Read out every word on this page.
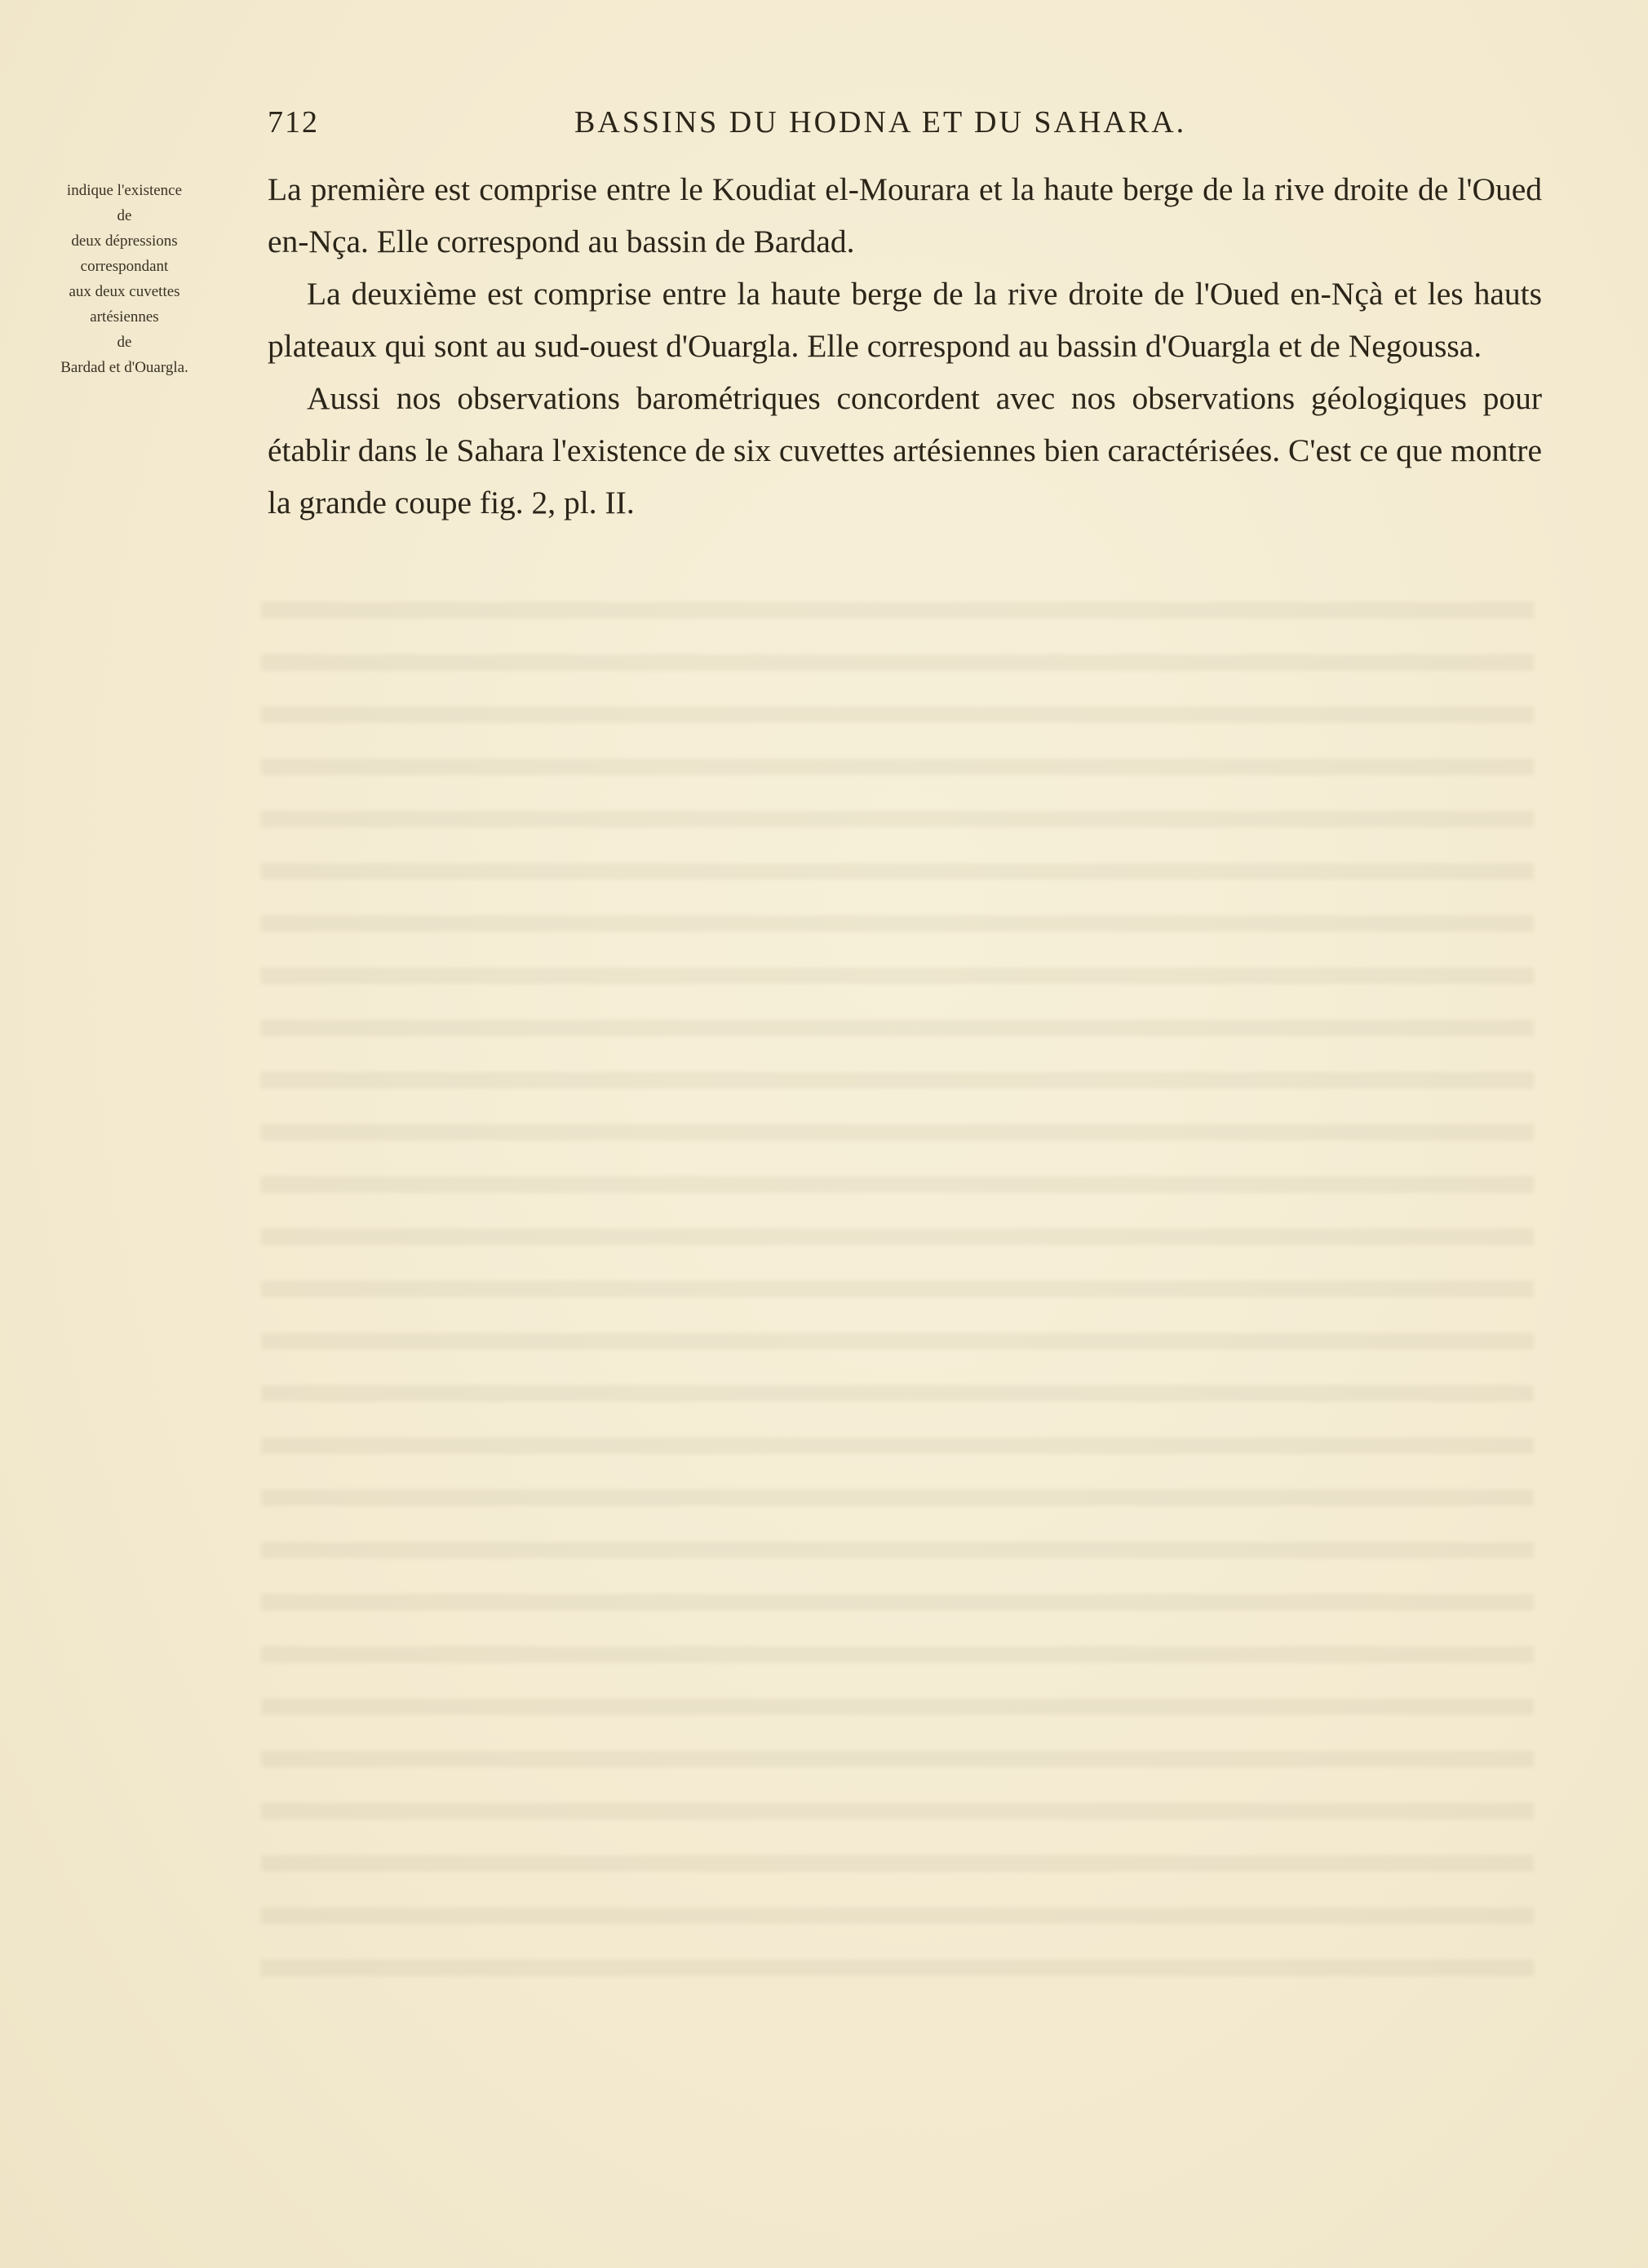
712	BASSINS DU HODNA ET DU SAHARA.
indique l'existence
de
deux dépressions
correspondant
aux deux cuvettes
artésiennes
de
Bardad et d'Ouargla.

La première est comprise entre le Koudiat el-Mourara et la haute berge de la rive droite de l'Oued en-Nça. Elle correspond au bassin de Bardad.

La deuxième est comprise entre la haute berge de la rive droite de l'Oued en-Nçà et les hauts plateaux qui sont au sud-ouest d'Ouargla. Elle correspond au bassin d'Ouargla et de Negoussa.

Aussi nos observations barométriques concordent avec nos observations géologiques pour établir dans le Sahara l'existence de six cuvettes artésiennes bien caractérisées. C'est ce que montre la grande coupe fig. 2, pl. II.
